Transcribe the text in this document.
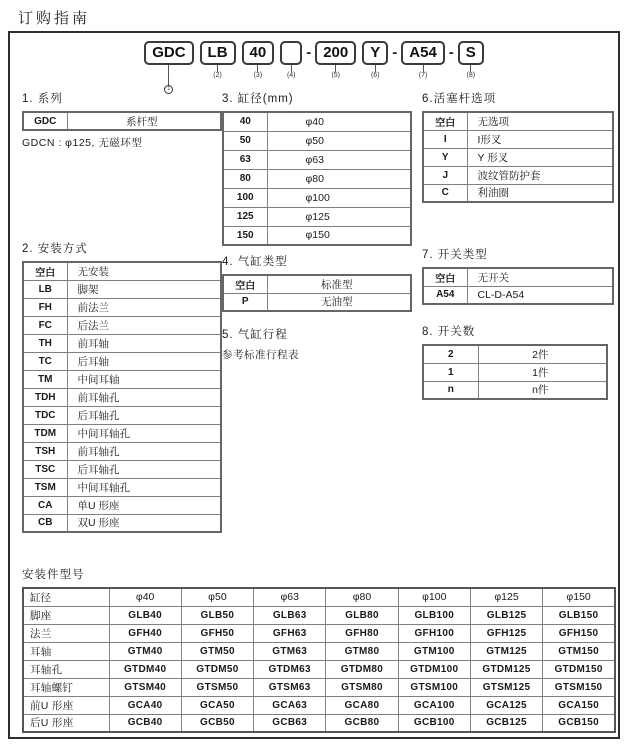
订购指南
GDC
1
LB
(2)
40
(3)	(4)
- 200
(5)
Y
(6)
- A54
(7)
- S
(8)
1. 系列
GDC	系杆型
GDCN : φ125, 无磁环型
2. 安装方式
空白	无安装
LB	脚架
FH	前法兰
FC	后法兰
TH	前耳轴
TC	后耳轴
TM	中间耳轴
TDH	前耳轴孔
TDC	后耳轴孔
TDM	中间耳轴孔
TSH	前耳轴孔
TSC	后耳轴孔
TSM	中间耳轴孔
CA	单U 形座
CB	双U 形座
3. 缸径(mm)
40	φ40
50	φ50
63	φ63
80	φ80
100	φ100
125	φ125
150	φ150
4. 气缸类型
空白	标准型
P	无油型
5. 气缸行程
参考标准行程表
6.活塞杆选项
空白	无选项
I	I形叉
Y	Y 形叉
J	波纹管防护套
C	利油圈
7. 开关类型
空白	无开关
A54	CL-D-A54
8. 开关数
2	2件
1	1件
n	n件
安装件型号
缸径	φ40	φ50	φ63	φ80	φ100	φ125	φ150
脚座	GLB40	GLB50	GLB63	GLB80	GLB100	GLB125	GLB150
法兰	GFH40	GFH50	GFH63	GFH80	GFH100	GFH125	GFH150
耳轴	GTM40	GTM50	GTM63	GTM80	GTM100	GTM125	GTM150
耳轴孔	GTDM40	GTDM50	GTDM63	GTDM80	GTDM100	GTDM125	GTDM150
耳轴螺钉	GTSM40	GTSM50	GTSM63	GTSM80	GTSM100	GTSM125	GTSM150
前U 形座	GCA40	GCA50	GCA63	GCA80	GCA100	GCA125	GCA150
后U 形座	GCB40	GCB50	GCB63	GCB80	GCB100	GCB125	GCB150
